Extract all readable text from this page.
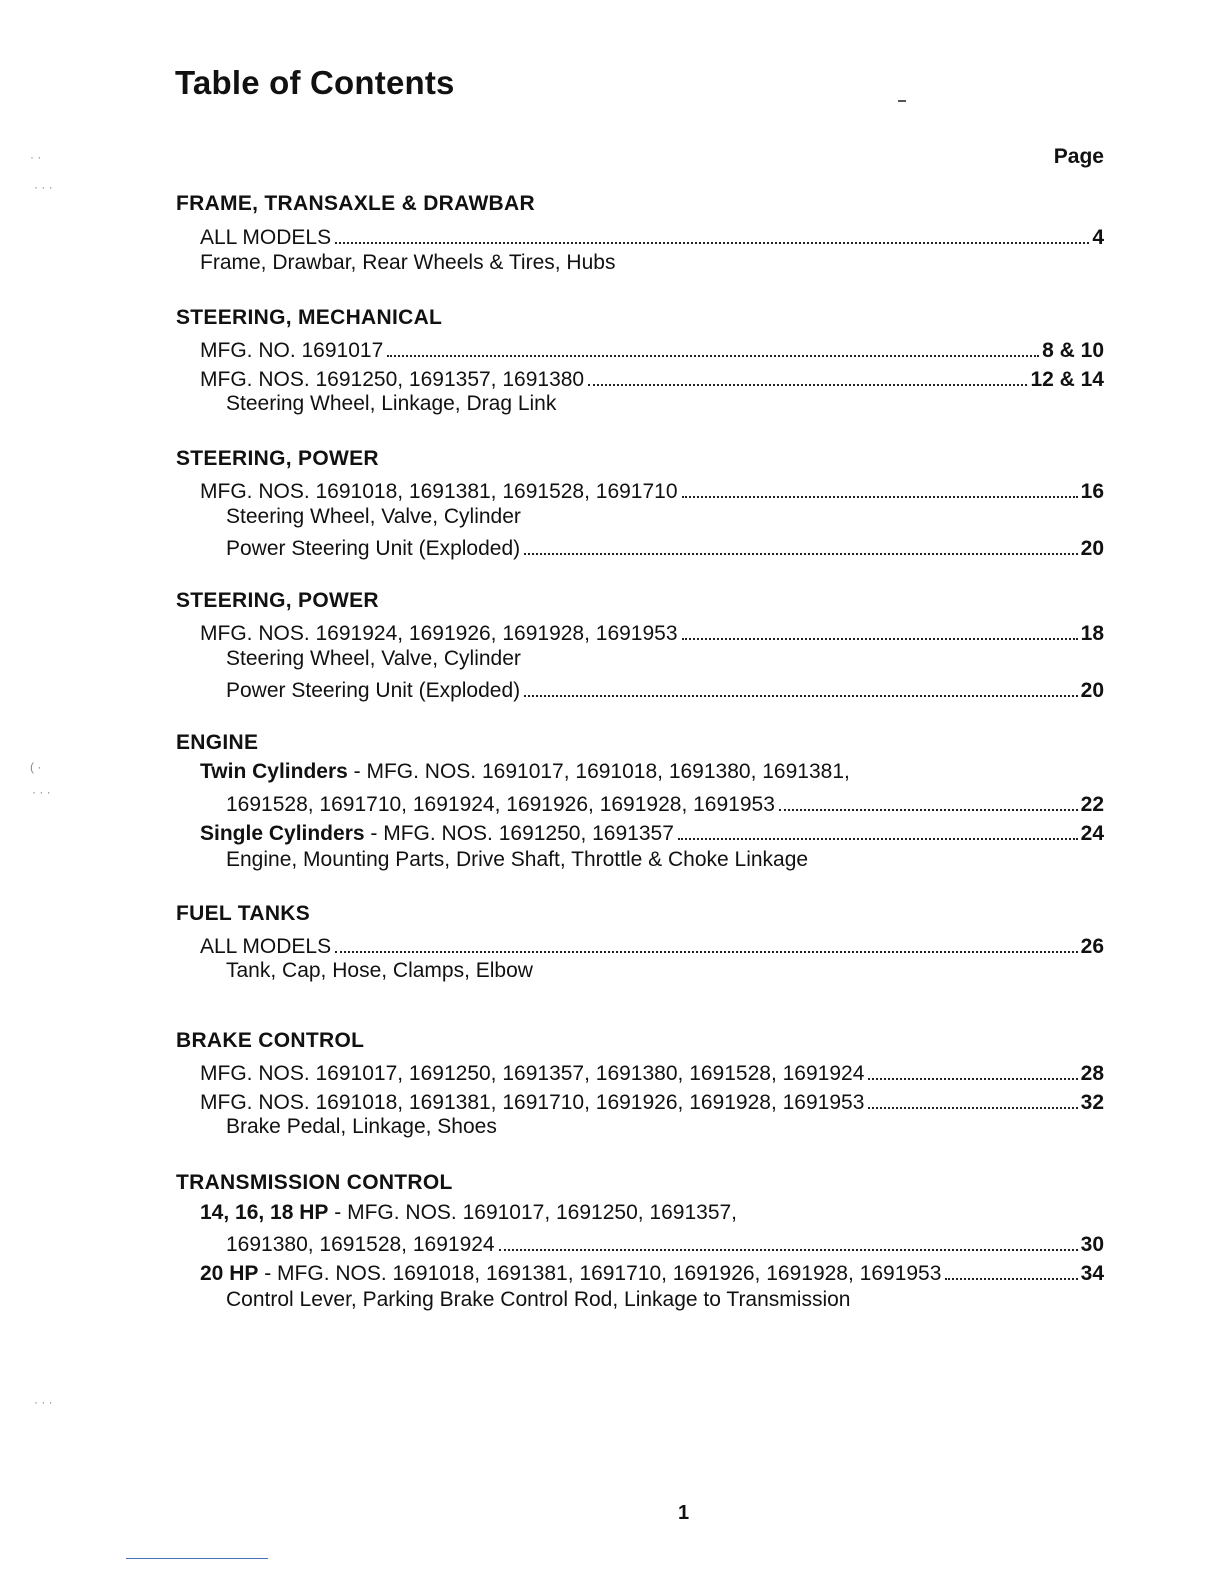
Table of Contents
Page
FRAME, TRANSAXLE & DRAWBAR
ALL MODELS	4
Frame, Drawbar, Rear Wheels & Tires, Hubs
STEERING, MECHANICAL
MFG. NO. 1691017	8 & 10
MFG. NOS. 1691250, 1691357, 1691380	12 & 14
Steering Wheel, Linkage, Drag Link
STEERING, POWER
MFG. NOS. 1691018, 1691381, 1691528, 1691710	16
Steering Wheel, Valve, Cylinder
Power Steering Unit (Exploded)	20
STEERING, POWER
MFG. NOS. 1691924, 1691926, 1691928, 1691953	18
Steering Wheel, Valve, Cylinder
Power Steering Unit (Exploded)	20
ENGINE
Twin Cylinders - MFG. NOS. 1691017, 1691018, 1691380, 1691381,
1691528, 1691710, 1691924, 1691926, 1691928, 1691953	22
Single Cylinders - MFG. NOS. 1691250, 1691357	24
Engine, Mounting Parts, Drive Shaft, Throttle & Choke Linkage
FUEL TANKS
ALL MODELS	26
Tank, Cap, Hose, Clamps, Elbow
BRAKE CONTROL
MFG. NOS. 1691017, 1691250, 1691357, 1691380, 1691528, 1691924	28
MFG. NOS. 1691018, 1691381, 1691710, 1691926, 1691928, 1691953	32
Brake Pedal, Linkage, Shoes
TRANSMISSION CONTROL
14, 16, 18 HP - MFG. NOS. 1691017, 1691250, 1691357,
1691380, 1691528, 1691924	30
20 HP - MFG. NOS. 1691018, 1691381, 1691710, 1691926, 1691928, 1691953	34
Control Lever, Parking Brake Control Rod, Linkage to Transmission
· ·
· · ·
( ·
· · ·
· · ·
1
